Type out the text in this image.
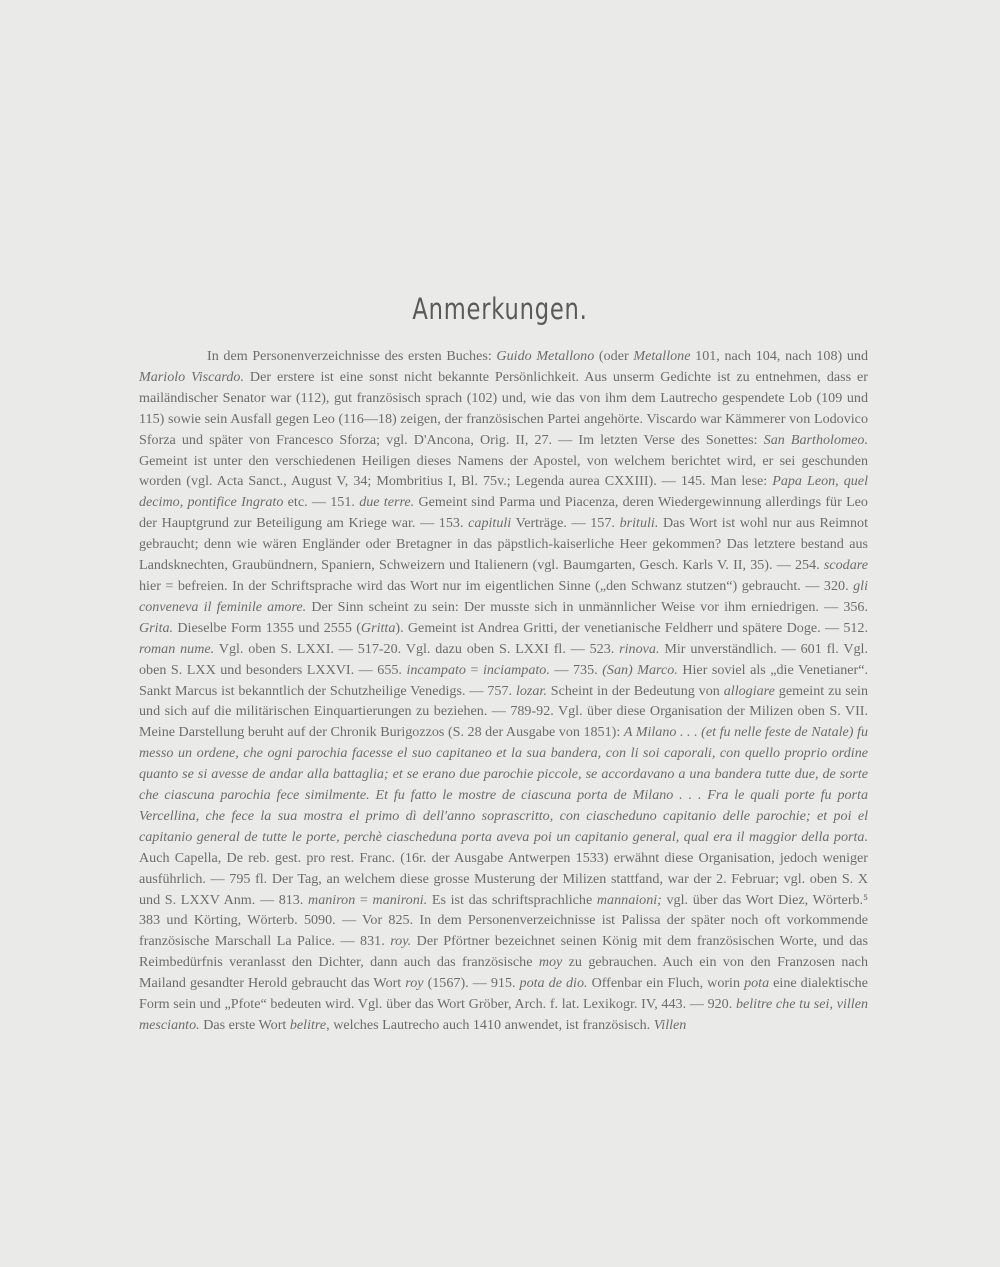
Anmerkungen.

In dem Personenverzeichnisse des ersten Buches: Guido Metallono (oder Metallone 101, nach 104, nach 108) und Mariolo Viscardo. Der erstere ist eine sonst nicht bekannte Persönlichkeit. Aus unserm Gedichte ist zu entnehmen, dass er mailändischer Senator war (112), gut französisch sprach (102) und, wie das von ihm dem Lautrecho gespendete Lob (109 und 115) sowie sein Ausfall gegen Leo (116—18) zeigen, der französischen Partei angehörte. Viscardo war Kämmerer von Lodovico Sforza und später von Francesco Sforza; vgl. D'Ancona, Orig. II, 27. — Im letzten Verse des Sonettes: San Bartholomeo. Gemeint ist unter den verschiedenen Heiligen dieses Namens der Apostel, von welchem berichtet wird, er sei geschunden worden (vgl. Acta Sanct., August V, 34; Mombritius I, Bl. 75v.; Legenda aurea CXXIII). — 145. Man lese: Papa Leon, quel decimo, pontifice Ingrato etc. — 151. due terre. Gemeint sind Parma und Piacenza, deren Wiedergewinnung allerdings für Leo der Hauptgrund zur Beteiligung am Kriege war. — 153. capituli Verträge. — 157. brituli. Das Wort ist wohl nur aus Reimnot gebraucht; denn wie wären Engländer oder Bretagner in das päpstlich-kaiserliche Heer gekommen? Das letztere bestand aus Landsknechten, Graubündnern, Spaniern, Schweizern und Italienern (vgl. Baumgarten, Gesch. Karls V. II, 35). — 254. scodare hier = befreien. In der Schriftsprache wird das Wort nur im eigentlichen Sinne („den Schwanz stutzen“) gebraucht. — 320. gli conveneva il feminile amore. Der Sinn scheint zu sein: Der musste sich in unmännlicher Weise vor ihm erniedrigen. — 356. Grita. Dieselbe Form 1355 und 2555 (Gritta). Gemeint ist Andrea Gritti, der venetianische Feldherr und spätere Doge. — 512. roman nume. Vgl. oben S. LXXI. — 517-20. Vgl. dazu oben S. LXXI fl. — 523. rinova. Mir unverständlich. — 601 fl. Vgl. oben S. LXX und besonders LXXVI. — 655. incampato = inciampato. — 735. (San) Marco. Hier soviel als „die Venetianer“. Sankt Marcus ist bekanntlich der Schutzheilige Venedigs. — 757. lozar. Scheint in der Bedeutung von allogiare gemeint zu sein und sich auf die militärischen Einquartierungen zu beziehen. — 789-92. Vgl. über diese Organisation der Milizen oben S. VII. Meine Darstellung beruht auf der Chronik Burigozzos (S. 28 der Ausgabe von 1851): A Milano . . . (et fu nelle feste de Natale) fu messo un ordene, che ogni parochia facesse el suo capitaneo et la sua bandera, con li soi caporali, con quello proprio ordine quanto se si avesse de andar alla battaglia; et se erano due parochie piccole, se accordavano a una bandera tutte due, de sorte che ciascuna parochia fece similmente. Et fu fatto le mostre de ciascuna porta de Milano . . . Fra le quali porte fu porta Vercellina, che fece la sua mostra el primo dì dell'anno soprascritto, con ciascheduno capitanio delle parochie; et poi el capitanio general de tutte le porte, perchè ciascheduna porta aveva poi un capitanio general, qual era il maggior della porta. Auch Capella, De reb. gest. pro rest. Franc. (16r. der Ausgabe Antwerpen 1533) erwähnt diese Organisation, jedoch weniger ausführlich. — 795 fl. Der Tag, an welchem diese grosse Musterung der Milizen stattfand, war der 2. Februar; vgl. oben S. X und S. LXXV Anm. — 813. maniron = manironi. Es ist das schriftsprachliche mannaioni; vgl. über das Wort Diez, Wörterb.⁵ 383 und Körting, Wörterb. 5090. — Vor 825. In dem Personenverzeichnisse ist Palissa der später noch oft vorkommende französische Marschall La Palice. — 831. roy. Der Pförtner bezeichnet seinen König mit dem französischen Worte, und das Reimbedürfnis veranlasst den Dichter, dann auch das französische moy zu gebrauchen. Auch ein von den Franzosen nach Mailand gesandter Herold gebraucht das Wort roy (1567). — 915. pota de dio. Offenbar ein Fluch, worin pota eine dialektische Form sein und „Pfote“ bedeuten wird. Vgl. über das Wort Gröber, Arch. f. lat. Lexikogr. IV, 443. — 920. belitre che tu sei, villen mescianto. Das erste Wort belitre, welches Lautrecho auch 1410 anwendet, ist französisch. Villen
